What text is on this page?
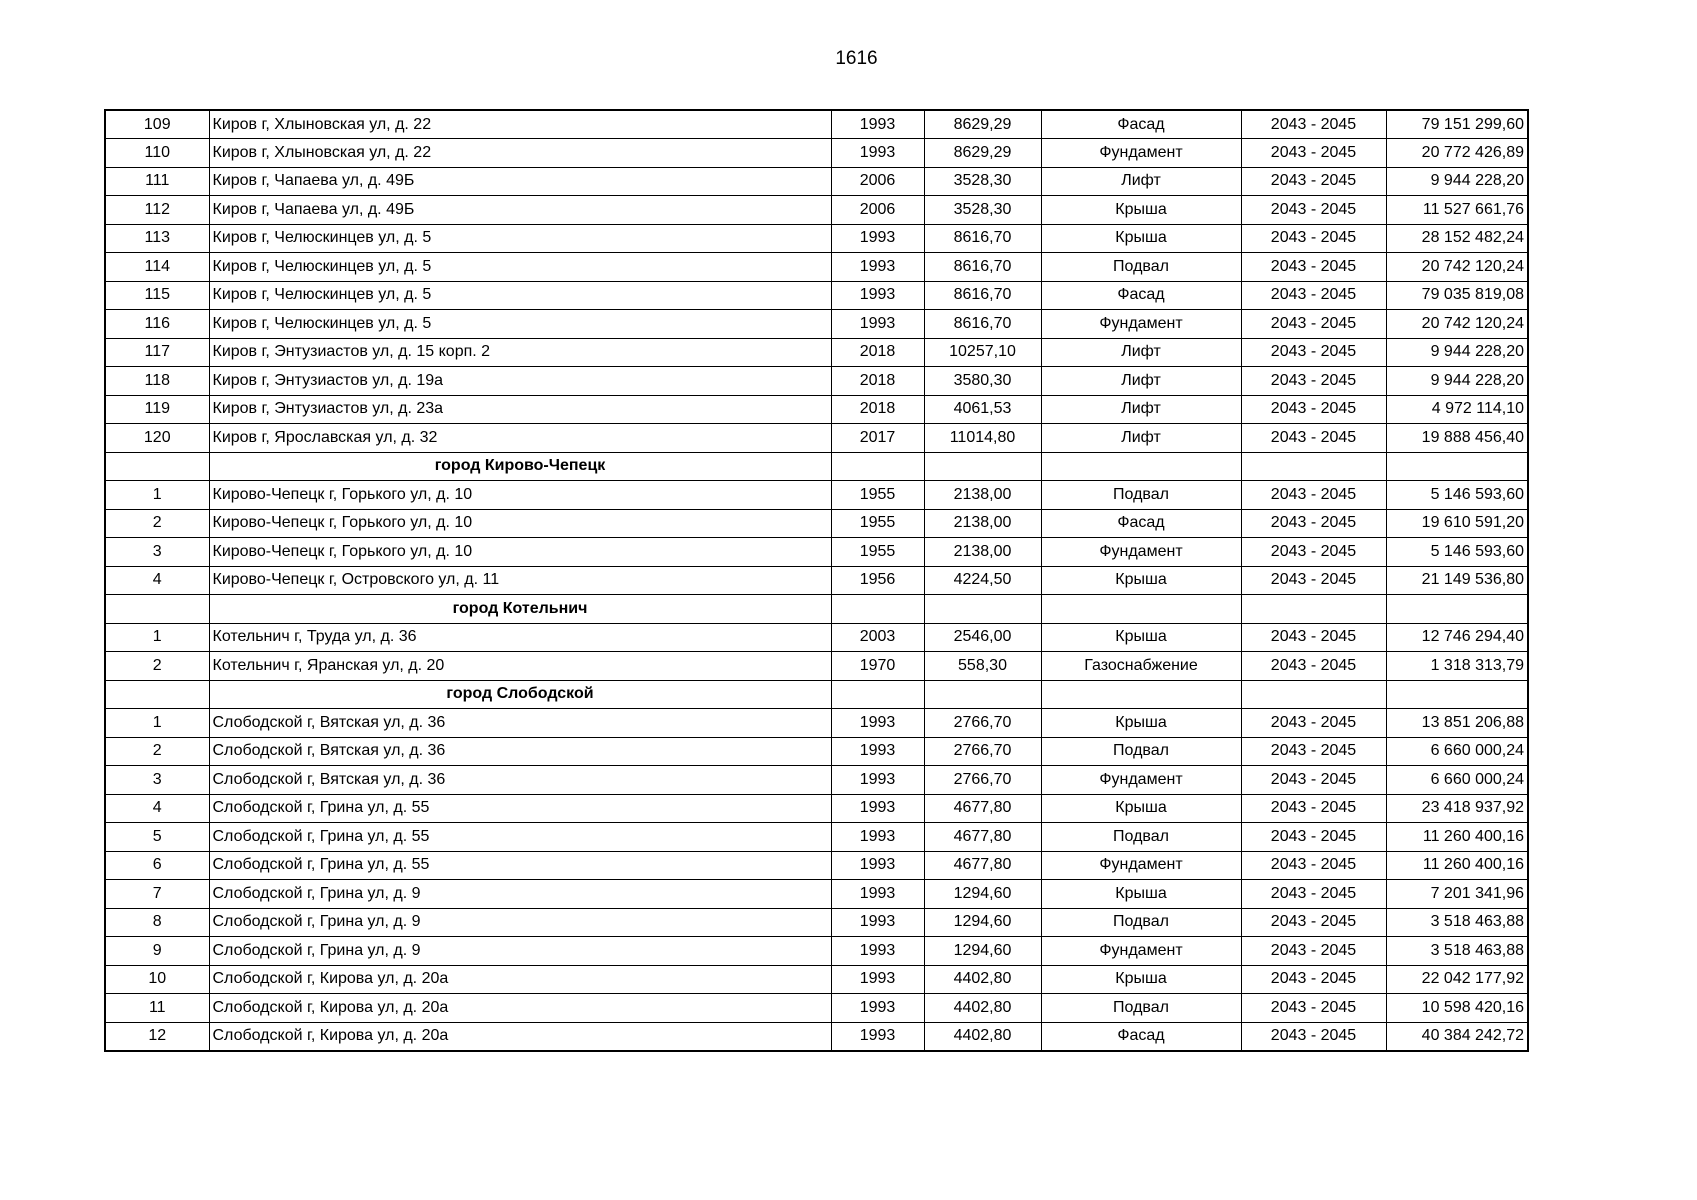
1616
109	Киров г, Хлыновская ул, д. 22	1993	8629,29	Фасад	2043 - 2045	79 151 299,60
110	Киров г, Хлыновская ул, д. 22	1993	8629,29	Фундамент	2043 - 2045	20 772 426,89
111	Киров г, Чапаева ул, д. 49Б	2006	3528,30	Лифт	2043 - 2045	9 944 228,20
112	Киров г, Чапаева ул, д. 49Б	2006	3528,30	Крыша	2043 - 2045	11 527 661,76
113	Киров г, Челюскинцев ул, д. 5	1993	8616,70	Крыша	2043 - 2045	28 152 482,24
114	Киров г, Челюскинцев ул, д. 5	1993	8616,70	Подвал	2043 - 2045	20 742 120,24
115	Киров г, Челюскинцев ул, д. 5	1993	8616,70	Фасад	2043 - 2045	79 035 819,08
116	Киров г, Челюскинцев ул, д. 5	1993	8616,70	Фундамент	2043 - 2045	20 742 120,24
117	Киров г, Энтузиастов ул, д. 15 корп. 2	2018	10257,10	Лифт	2043 - 2045	9 944 228,20
118	Киров г, Энтузиастов ул, д. 19а	2018	3580,30	Лифт	2043 - 2045	9 944 228,20
119	Киров г, Энтузиастов ул, д. 23а	2018	4061,53	Лифт	2043 - 2045	4 972 114,10
120	Киров г, Ярославская ул, д. 32	2017	11014,80	Лифт	2043 - 2045	19 888 456,40
	город Кирово-Чепецк					
1	Кирово-Чепецк г, Горького ул, д. 10	1955	2138,00	Подвал	2043 - 2045	5 146 593,60
2	Кирово-Чепецк г, Горького ул, д. 10	1955	2138,00	Фасад	2043 - 2045	19 610 591,20
3	Кирово-Чепецк г, Горького ул, д. 10	1955	2138,00	Фундамент	2043 - 2045	5 146 593,60
4	Кирово-Чепецк г, Островского ул, д. 11	1956	4224,50	Крыша	2043 - 2045	21 149 536,80
	город Котельнич					
1	Котельнич г, Труда ул, д. 36	2003	2546,00	Крыша	2043 - 2045	12 746 294,40
2	Котельнич г, Яранская ул, д. 20	1970	558,30	Газоснабжение	2043 - 2045	1 318 313,79
	город Слободской					
1	Слободской г, Вятская ул, д. 36	1993	2766,70	Крыша	2043 - 2045	13 851 206,88
2	Слободской г, Вятская ул, д. 36	1993	2766,70	Подвал	2043 - 2045	6 660 000,24
3	Слободской г, Вятская ул, д. 36	1993	2766,70	Фундамент	2043 - 2045	6 660 000,24
4	Слободской г, Грина ул, д. 55	1993	4677,80	Крыша	2043 - 2045	23 418 937,92
5	Слободской г, Грина ул, д. 55	1993	4677,80	Подвал	2043 - 2045	11 260 400,16
6	Слободской г, Грина ул, д. 55	1993	4677,80	Фундамент	2043 - 2045	11 260 400,16
7	Слободской г, Грина ул, д. 9	1993	1294,60	Крыша	2043 - 2045	7 201 341,96
8	Слободской г, Грина ул, д. 9	1993	1294,60	Подвал	2043 - 2045	3 518 463,88
9	Слободской г, Грина ул, д. 9	1993	1294,60	Фундамент	2043 - 2045	3 518 463,88
10	Слободской г, Кирова ул, д. 20а	1993	4402,80	Крыша	2043 - 2045	22 042 177,92
11	Слободской г, Кирова ул, д. 20а	1993	4402,80	Подвал	2043 - 2045	10 598 420,16
12	Слободской г, Кирова ул, д. 20а	1993	4402,80	Фасад	2043 - 2045	40 384 242,72
